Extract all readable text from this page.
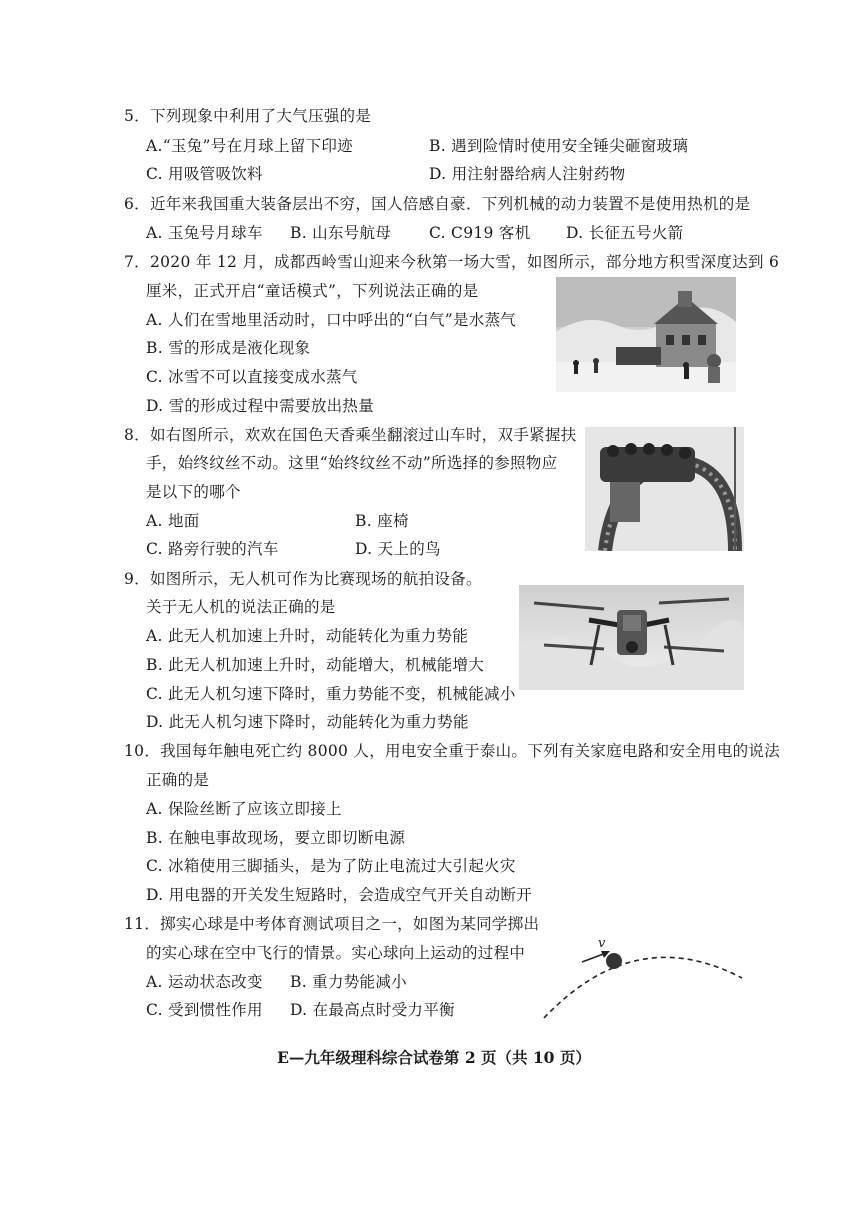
5．下列现象中利用了大气压强的是
A.“玉兔”号在月球上留下印迹	B. 遇到险情时使用安全锤尖砸窗玻璃
C. 用吸管吸饮料	D. 用注射器给病人注射药物
6．近年来我国重大装备层出不穷，国人倍感自豪．下列机械的动力装置不是使用热机的是
A. 玉兔号月球车 B. 山东号航母 C. C919 客机 D. 长征五号火箭
7．2020 年 12 月，成都西岭雪山迎来今秋第一场大雪，如图所示，部分地方积雪深度达到 6
厘米，正式开启“童话模式”，下列说法正确的是
A. 人们在雪地里活动时，口中呼出的“白气”是水蒸气
B. 雪的形成是液化现象
C. 冰雪不可以直接变成水蒸气
D. 雪的形成过程中需要放出热量
8．如右图所示，欢欢在国色天香乘坐翻滚过山车时，双手紧握扶
手，始终纹丝不动。这里“始终纹丝不动”所选择的参照物应
是以下的哪个
A. 地面	B. 座椅
C. 路旁行驶的汽车	D. 天上的鸟
9．如图所示，无人机可作为比赛现场的航拍设备。
关于无人机的说法正确的是
A. 此无人机加速上升时，动能转化为重力势能
B. 此无人机加速上升时，动能增大，机械能增大
C. 此无人机匀速下降时，重力势能不变，机械能减小
D. 此无人机匀速下降时，动能转化为重力势能
10．我国每年触电死亡约 8000 人，用电安全重于泰山。下列有关家庭电路和安全用电的说法
正确的是
A. 保险丝断了应该立即接上
B. 在触电事故现场，要立即切断电源
C. 冰箱使用三脚插头，是为了防止电流过大引起火灾
D. 用电器的开关发生短路时，会造成空气开关自动断开
11．掷实心球是中考体育测试项目之一，如图为某同学掷出
的实心球在空中飞行的情景。实心球向上运动的过程中
A. 运动状态改变 B. 重力势能减小
C. 受到惯性作用 D. 在最高点时受力平衡
v
E—九年级理科综合试卷第 2 页（共 10 页）
